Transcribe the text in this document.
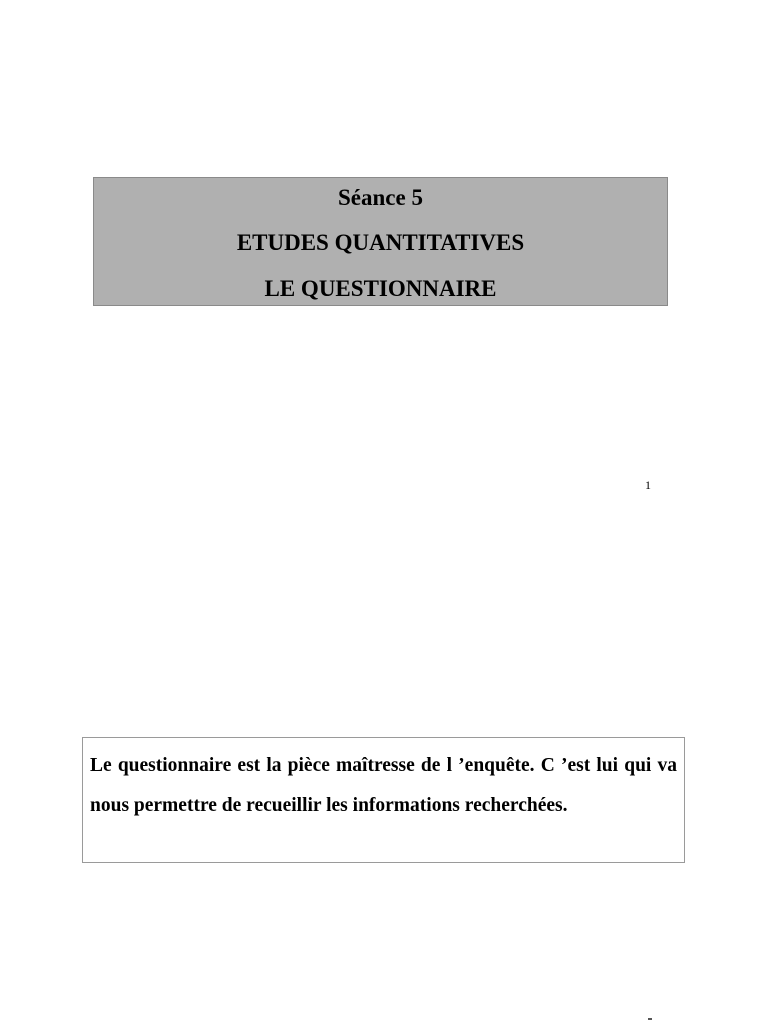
Séance 5
ETUDES QUANTITATIVES
LE QUESTIONNAIRE
1

Le questionnaire est la pièce maîtresse de l ’enquête. C ’est lui qui va nous permettre de recueillir les informations recherchées.
